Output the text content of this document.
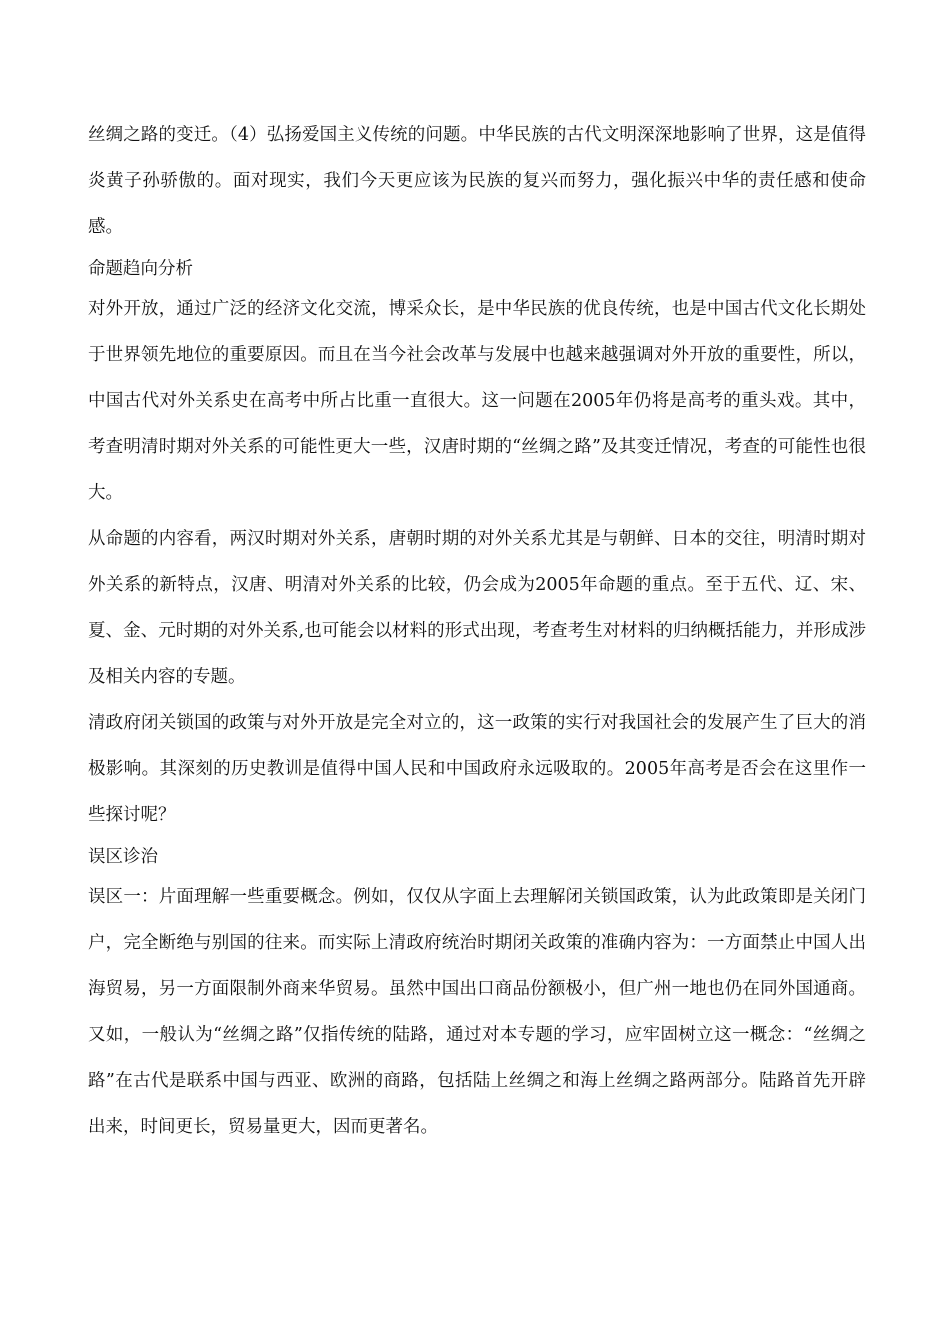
丝绸之路的变迁。（4）弘扬爱国主义传统的问题。中华民族的古代文明深深地影响了世界，这是值得炎黄子孙骄傲的。面对现实，我们今天更应该为民族的复兴而努力，强化振兴中华的责任感和使命感。

命题趋向分析

对外开放，通过广泛的经济文化交流，博采众长，是中华民族的优良传统，也是中国古代文化长期处于世界领先地位的重要原因。而且在当今社会改革与发展中也越来越强调对外开放的重要性，所以，中国古代对外关系史在高考中所占比重一直很大。这一问题在2005年仍将是高考的重头戏。其中，考查明清时期对外关系的可能性更大一些，汉唐时期的“丝绸之路”及其变迁情况，考查的可能性也很大。

从命题的内容看，两汉时期对外关系，唐朝时期的对外关系尤其是与朝鲜、日本的交往，明清时期对外关系的新特点，汉唐、明清对外关系的比较，仍会成为2005年命题的重点。至于五代、辽、宋、夏、金、元时期的对外关系,也可能会以材料的形式出现，考查考生对材料的归纳概括能力，并形成涉及相关内容的专题。

清政府闭关锁国的政策与对外开放是完全对立的，这一政策的实行对我国社会的发展产生了巨大的消极影响。其深刻的历史教训是值得中国人民和中国政府永远吸取的。2005年高考是否会在这里作一些探讨呢？

误区诊治

误区一：片面理解一些重要概念。例如，仅仅从字面上去理解闭关锁国政策，认为此政策即是关闭门户，完全断绝与别国的往来。而实际上清政府统治时期闭关政策的准确内容为：一方面禁止中国人出海贸易，另一方面限制外商来华贸易。虽然中国出口商品份额极小，但广州一地也仍在同外国通商。又如，一般认为“丝绸之路”仅指传统的陆路，通过对本专题的学习，应牢固树立这一概念：“丝绸之路”在古代是联系中国与西亚、欧洲的商路，包括陆上丝绸之和海上丝绸之路两部分。陆路首先开辟出来，时间更长，贸易量更大，因而更著名。
